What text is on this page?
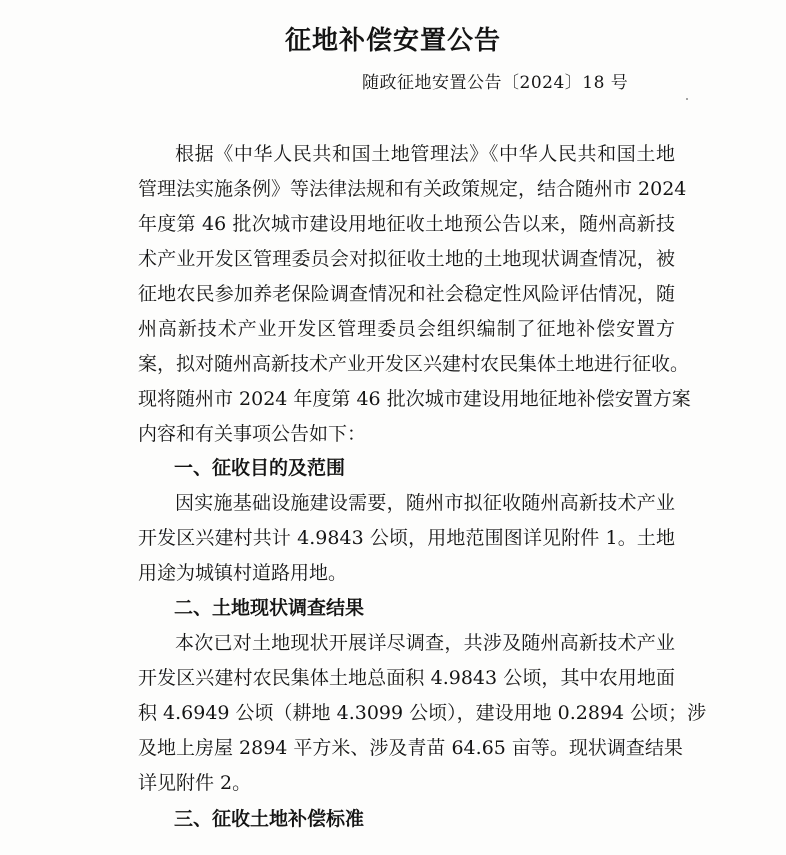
征地补偿安置公告
随政征地安置公告〔2024〕18 号
根据《中华人民共和国土地管理法》《中华人民共和国土地
管理法实施条例》等法律法规和有关政策规定，结合随州市 2024
年度第 46 批次城市建设用地征收土地预公告以来，随州高新技
术产业开发区管理委员会对拟征收土地的土地现状调查情况，被
征地农民参加养老保险调查情况和社会稳定性风险评估情况，随
州高新技术产业开发区管理委员会组织编制了征地补偿安置方
案，拟对随州高新技术产业开发区兴建村农民集体土地进行征收。
现将随州市 2024 年度第 46 批次城市建设用地征地补偿安置方案
内容和有关事项公告如下：
一、征收目的及范围
因实施基础设施建设需要，随州市拟征收随州高新技术产业
开发区兴建村共计 4.9843 公顷，用地范围图详见附件 1。土地
用途为城镇村道路用地。
二、土地现状调查结果
本次已对土地现状开展详尽调查，共涉及随州高新技术产业
开发区兴建村农民集体土地总面积 4.9843 公顷，其中农用地面
积 4.6949 公顷（耕地 4.3099 公顷），建设用地 0.2894 公顷；涉
及地上房屋 2894 平方米、涉及青苗 64.65 亩等。现状调查结果
详见附件 2。
三、征收土地补偿标准
